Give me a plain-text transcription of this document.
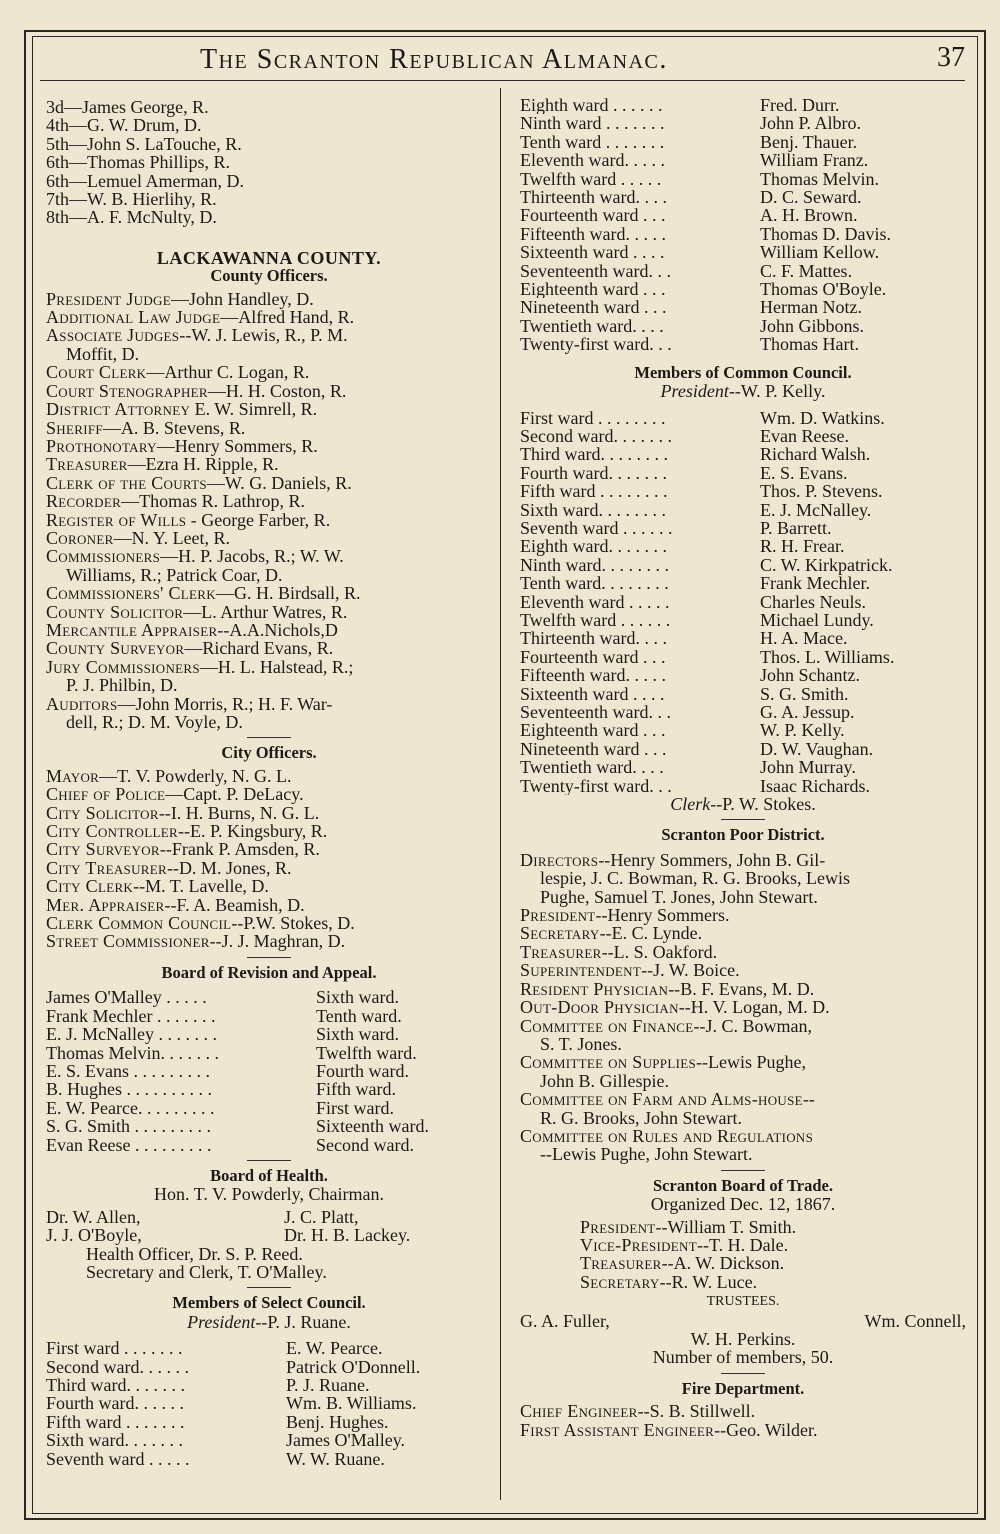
The Scranton Republican Almanac.	37
3d—James George, R.
4th—G. W. Drum, D.
5th—John S. LaTouche, R.
6th—Thomas Phillips, R.
6th—Lemuel Amerman, D.
7th—W. B. Hierlihy, R.
8th—A. F. McNulty, D.
LACKAWANNA COUNTY.
County Officers.
President Judge—John Handley, D.
Additional Law Judge—Alfred Hand, R.
Associate Judges--W. J. Lewis, R., P. M.
Moffit, D.
Court Clerk—Arthur C. Logan, R.
Court Stenographer—H. H. Coston, R.
District Attorney E. W. Simrell, R.
Sheriff—A. B. Stevens, R.
Prothonotary—Henry Sommers, R.
Treasurer—Ezra H. Ripple, R.
Clerk of the Courts—W. G. Daniels, R.
Recorder—Thomas R. Lathrop, R.
Register of Wills - George Farber, R.
Coroner—N. Y. Leet, R.
Commissioners—H. P. Jacobs, R.; W. W.
Williams, R.; Patrick Coar, D.
Commissioners' Clerk—G. H. Birdsall, R.
County Solicitor—L. Arthur Watres, R.
Mercantile Appraiser--A.A.Nichols,D
County Surveyor—Richard Evans, R.
Jury Commissioners—H. L. Halstead, R.;
P. J. Philbin, D.
Auditors—John Morris, R.; H. F. War-
dell, R.; D. M. Voyle, D.
City Officers.
Mayor—T. V. Powderly, N. G. L.
Chief of Police—Capt. P. DeLacy.
City Solicitor--I. H. Burns, N. G. L.
City Controller--E. P. Kingsbury, R.
City Surveyor--Frank P. Amsden, R.
City Treasurer--D. M. Jones, R.
City Clerk--M. T. Lavelle, D.
Mer. Appraiser--F. A. Beamish, D.
Clerk Common Council--P.W. Stokes, D.
Street Commissioner--J. J. Maghran, D.
Board of Revision and Appeal.
James O'Malley . . . . .	Sixth ward.
Frank Mechler . . . . . . .	Tenth ward.
E. J. McNalley . . . . . . .	Sixth ward.
Thomas Melvin. . . . . . .	Twelfth ward.
E. S. Evans . . . . . . . . .	Fourth ward.
B. Hughes . . . . . . . . . .	Fifth ward.
E. W. Pearce. . . . . . . . .	First ward.
S. G. Smith . . . . . . . . .	Sixteenth ward.
Evan Reese . . . . . . . . .	Second ward.
Board of Health.
Hon. T. V. Powderly, Chairman.
Dr. W. Allen,	J. C. Platt,
J. J. O'Boyle,	Dr. H. B. Lackey.
Health Officer, Dr. S. P. Reed.
Secretary and Clerk, T. O'Malley.
Members of Select Council.
President--P. J. Ruane.
First ward . . . . . . .	E. W. Pearce.
Second ward. . . . . .	Patrick O'Donnell.
Third ward. . . . . . .	P. J. Ruane.
Fourth ward. . . . . .	Wm. B. Williams.
Fifth ward . . . . . . .	Benj. Hughes.
Sixth ward. . . . . . .	James O'Malley.
Seventh ward . . . . .	W. W. Ruane.
Eighth ward . . . . . .	Fred. Durr.
Ninth ward . . . . . . .	John P. Albro.
Tenth ward . . . . . . .	Benj. Thauer.
Eleventh ward. . . . .	William Franz.
Twelfth ward . . . . .	Thomas Melvin.
Thirteenth ward. . . .	D. C. Seward.
Fourteenth ward . . .	A. H. Brown.
Fifteenth ward. . . . .	Thomas D. Davis.
Sixteenth ward . . . .	William Kellow.
Seventeenth ward. . .	C. F. Mattes.
Eighteenth ward . . .	Thomas O'Boyle.
Nineteenth ward . . .	Herman Notz.
Twentieth ward. . . .	John Gibbons.
Twenty-first ward. . .	Thomas Hart.
Members of Common Council.
President--W. P. Kelly.
First ward . . . . . . . .	Wm. D. Watkins.
Second ward. . . . . . .	Evan Reese.
Third ward. . . . . . . .	Richard Walsh.
Fourth ward. . . . . . .	E. S. Evans.
Fifth ward . . . . . . . .	Thos. P. Stevens.
Sixth ward. . . . . . . .	E. J. McNalley.
Seventh ward . . . . . .	P. Barrett.
Eighth ward. . . . . . .	R. H. Frear.
Ninth ward. . . . . . . .	C. W. Kirkpatrick.
Tenth ward. . . . . . . .	Frank Mechler.
Eleventh ward . . . . .	Charles Neuls.
Twelfth ward . . . . . .	Michael Lundy.
Thirteenth ward. . . .	H. A. Mace.
Fourteenth ward . . .	Thos. L. Williams.
Fifteenth ward. . . . .	John Schantz.
Sixteenth ward . . . .	S. G. Smith.
Seventeenth ward. . .	G. A. Jessup.
Eighteenth ward . . .	W. P. Kelly.
Nineteenth ward . . .	D. W. Vaughan.
Twentieth ward. . . .	John Murray.
Twenty-first ward. . .	Isaac Richards.
Clerk--P. W. Stokes.
Scranton Poor District.
Directors--Henry Sommers, John B. Gil-
lespie, J. C. Bowman, R. G. Brooks, Lewis
Pughe, Samuel T. Jones, John Stewart.
President--Henry Sommers.
Secretary--E. C. Lynde.
Treasurer--L. S. Oakford.
Superintendent--J. W. Boice.
Resident Physician--B. F. Evans, M. D.
Out-Door Physician--H. V. Logan, M. D.
Committee on Finance--J. C. Bowman,
S. T. Jones.
Committee on Supplies--Lewis Pughe,
John B. Gillespie.
Committee on Farm and Alms-house--
R. G. Brooks, John Stewart.
Committee on Rules and Regulations
--Lewis Pughe, John Stewart.
Scranton Board of Trade.
Organized Dec. 12, 1867.
President--William T. Smith.
Vice-President--T. H. Dale.
Treasurer--A. W. Dickson.
Secretary--R. W. Luce.
TRUSTEES.
G. A. Fuller,	Wm. Connell,
W. H. Perkins.
Number of members, 50.
Fire Department.
Chief Engineer--S. B. Stillwell.
First Assistant Engineer--Geo. Wilder.
